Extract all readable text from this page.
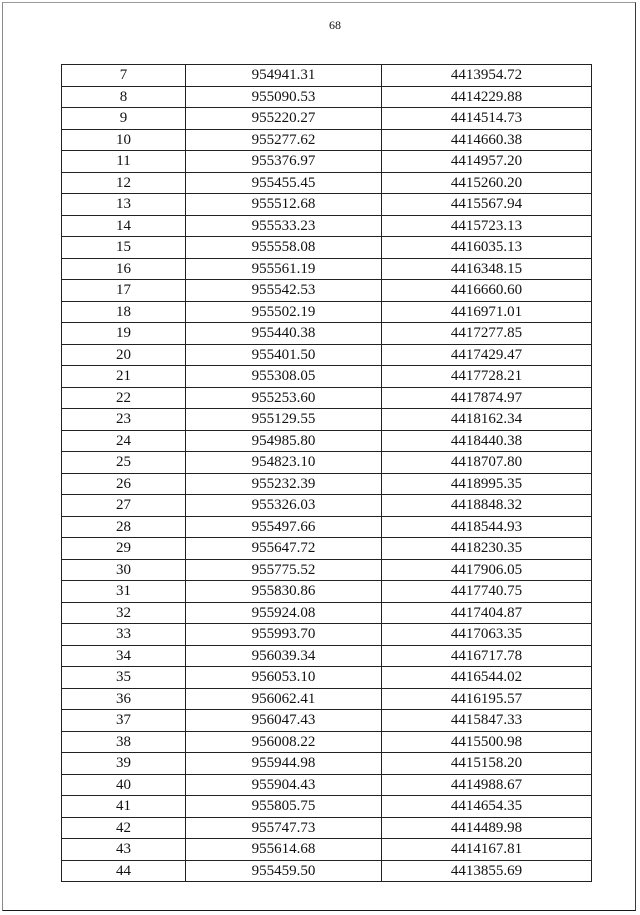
68
7	954941.31	4413954.72
8	955090.53	4414229.88
9	955220.27	4414514.73
10	955277.62	4414660.38
11	955376.97	4414957.20
12	955455.45	4415260.20
13	955512.68	4415567.94
14	955533.23	4415723.13
15	955558.08	4416035.13
16	955561.19	4416348.15
17	955542.53	4416660.60
18	955502.19	4416971.01
19	955440.38	4417277.85
20	955401.50	4417429.47
21	955308.05	4417728.21
22	955253.60	4417874.97
23	955129.55	4418162.34
24	954985.80	4418440.38
25	954823.10	4418707.80
26	955232.39	4418995.35
27	955326.03	4418848.32
28	955497.66	4418544.93
29	955647.72	4418230.35
30	955775.52	4417906.05
31	955830.86	4417740.75
32	955924.08	4417404.87
33	955993.70	4417063.35
34	956039.34	4416717.78
35	956053.10	4416544.02
36	956062.41	4416195.57
37	956047.43	4415847.33
38	956008.22	4415500.98
39	955944.98	4415158.20
40	955904.43	4414988.67
41	955805.75	4414654.35
42	955747.73	4414489.98
43	955614.68	4414167.81
44	955459.50	4413855.69
